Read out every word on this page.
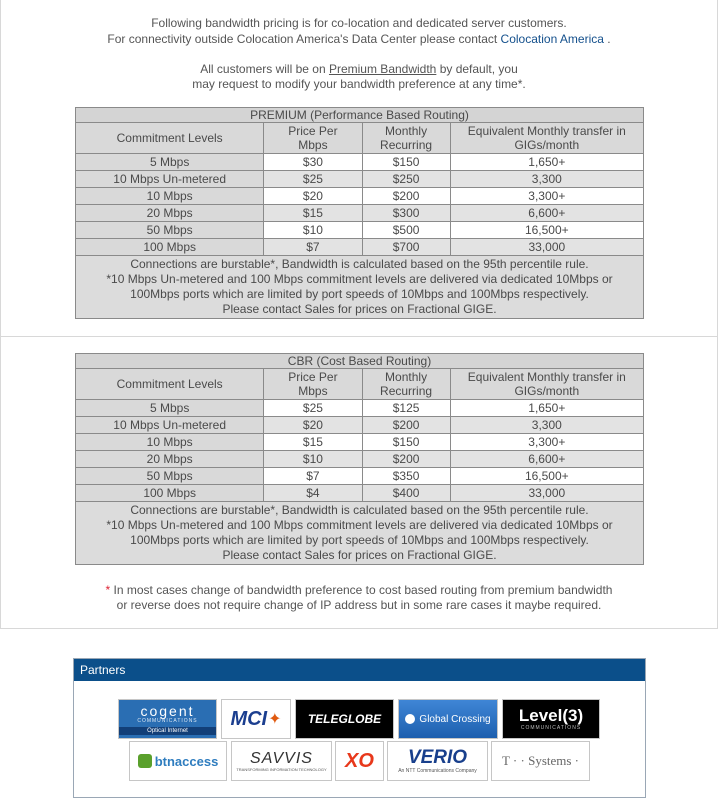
Following bandwidth pricing is for co-location and dedicated server customers.
For connectivity outside Colocation America's Data Center please contact Colocation America .
All customers will be on Premium Bandwidth by default, you
may request to modify your bandwidth preference at any time*.
PREMIUM (Performance Based Routing)			
Commitment Levels	Price Per Mbps	Monthly Recurring	Equivalent Monthly transfer in GIGs/month
5 Mbps	$30	$150	1,650+
10 Mbps Un-metered	$25	$250	3,300
10 Mbps	$20	$200	3,300+
20 Mbps	$15	$300	6,600+
50 Mbps	$10	$500	16,500+
100 Mbps	$7	$700	33,000

Connections are burstable*, Bandwidth is calculated based on the 95th percentile rule.
*10 Mbps Un-metered and 100 Mbps commitment levels are delivered via dedicated 10Mbps or
100Mbps ports which are limited by port speeds of 10Mbps and 100Mbps respectively.
Please contact Sales for prices on Fractional GIGE.			
CBR (Cost Based Routing)			
Commitment Levels	Price Per Mbps	Monthly Recurring	Equivalent Monthly transfer in GIGs/month
5 Mbps	$25	$125	1,650+
10 Mbps Un-metered	$20	$200	3,300
10 Mbps	$15	$150	3,300+
20 Mbps	$10	$200	6,600+
50 Mbps	$7	$350	16,500+
100 Mbps	$4	$400	33,000

Connections are burstable*, Bandwidth is calculated based on the 95th percentile rule.
*10 Mbps Un-metered and 100 Mbps commitment levels are delivered via dedicated 10Mbps or
100Mbps ports which are limited by port speeds of 10Mbps and 100Mbps respectively.
Please contact Sales for prices on Fractional GIGE.			
* In most cases change of bandwidth preference to cost based routing from premium bandwidth
or reverse does not require change of IP address but in some rare cases it maybe required.
Partners
cogent
COMMUNICATIONS
Optical Internet
MCI ✦ TELEGLOBE	Global Crossing Level(3)
COMMUNICATIONS
btnaccess SAVVIS
TRANSFORMING INFORMATION TECHNOLOGY XO VERIO
An NTT Communications Company
T · · Systems ·
